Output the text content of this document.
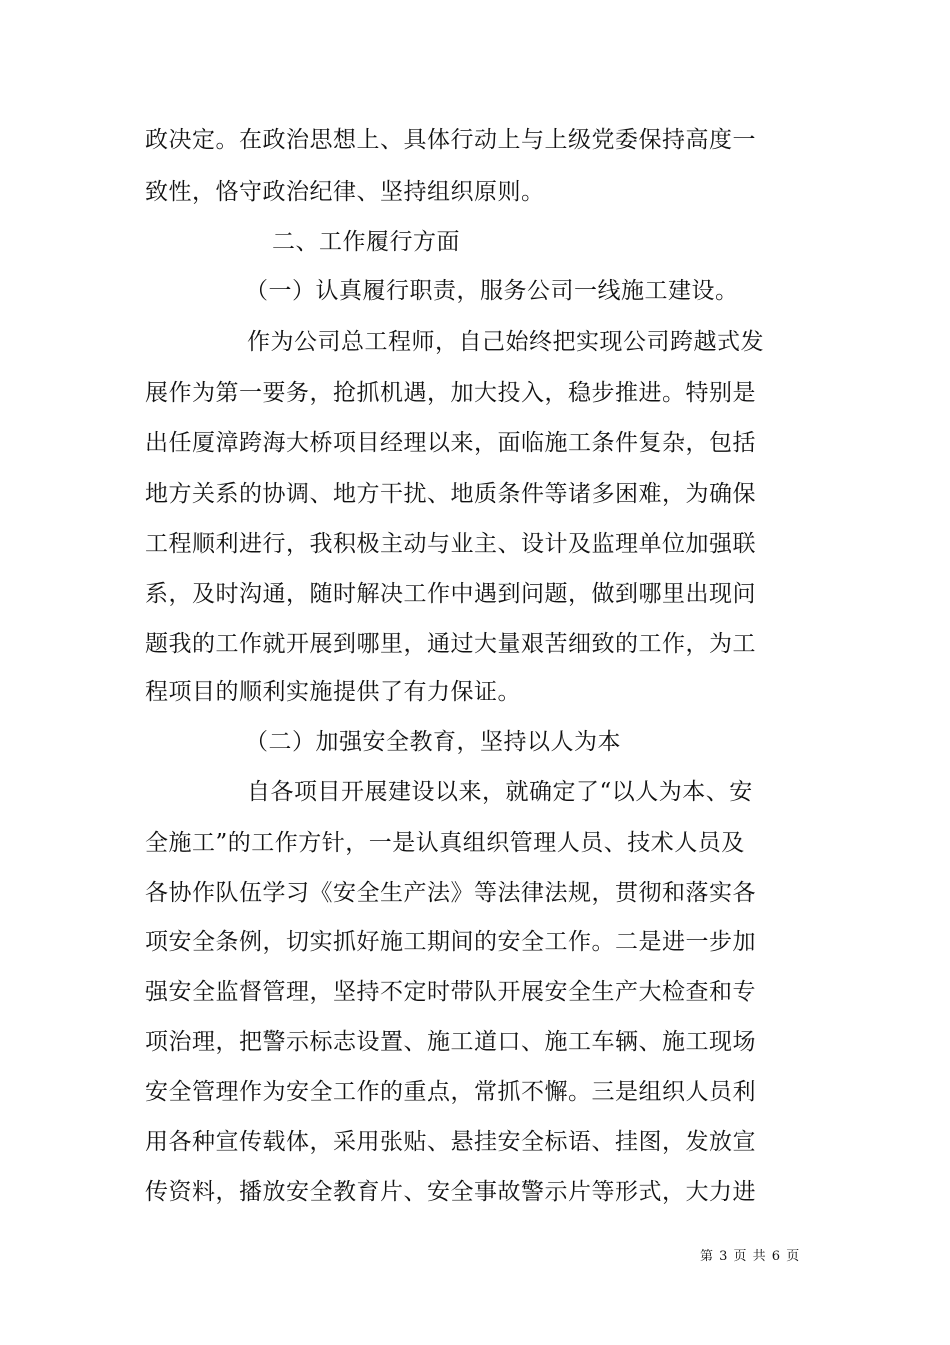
政决定。在政治思想上、具体行动上与上级党委保持高度一
致性，恪守政治纪律、坚持组织原则。
二、工作履行方面
（一）认真履行职责，服务公司一线施工建设。
作为公司总工程师，自己始终把实现公司跨越式发
展作为第一要务，抢抓机遇，加大投入，稳步推进。特别是
出任厦漳跨海大桥项目经理以来，面临施工条件复杂，包括
地方关系的协调、地方干扰、地质条件等诸多困难，为确保
工程顺利进行，我积极主动与业主、设计及监理单位加强联
系，及时沟通，随时解决工作中遇到问题，做到哪里出现问
题我的工作就开展到哪里，通过大量艰苦细致的工作，为工
程项目的顺利实施提供了有力保证。
（二）加强安全教育，坚持以人为本
自各项目开展建设以来，就确定了“以人为本、安
全施工”的工作方针，一是认真组织管理人员、技术人员及
各协作队伍学习《安全生产法》等法律法规，贯彻和落实各
项安全条例，切实抓好施工期间的安全工作。二是进一步加
强安全监督管理，坚持不定时带队开展安全生产大检查和专
项治理，把警示标志设置、施工道口、施工车辆、施工现场
安全管理作为安全工作的重点，常抓不懈。三是组织人员利
用各种宣传载体，采用张贴、悬挂安全标语、挂图，发放宣
传资料，播放安全教育片、安全事故警示片等形式，大力进
第 3 页 共 6 页
